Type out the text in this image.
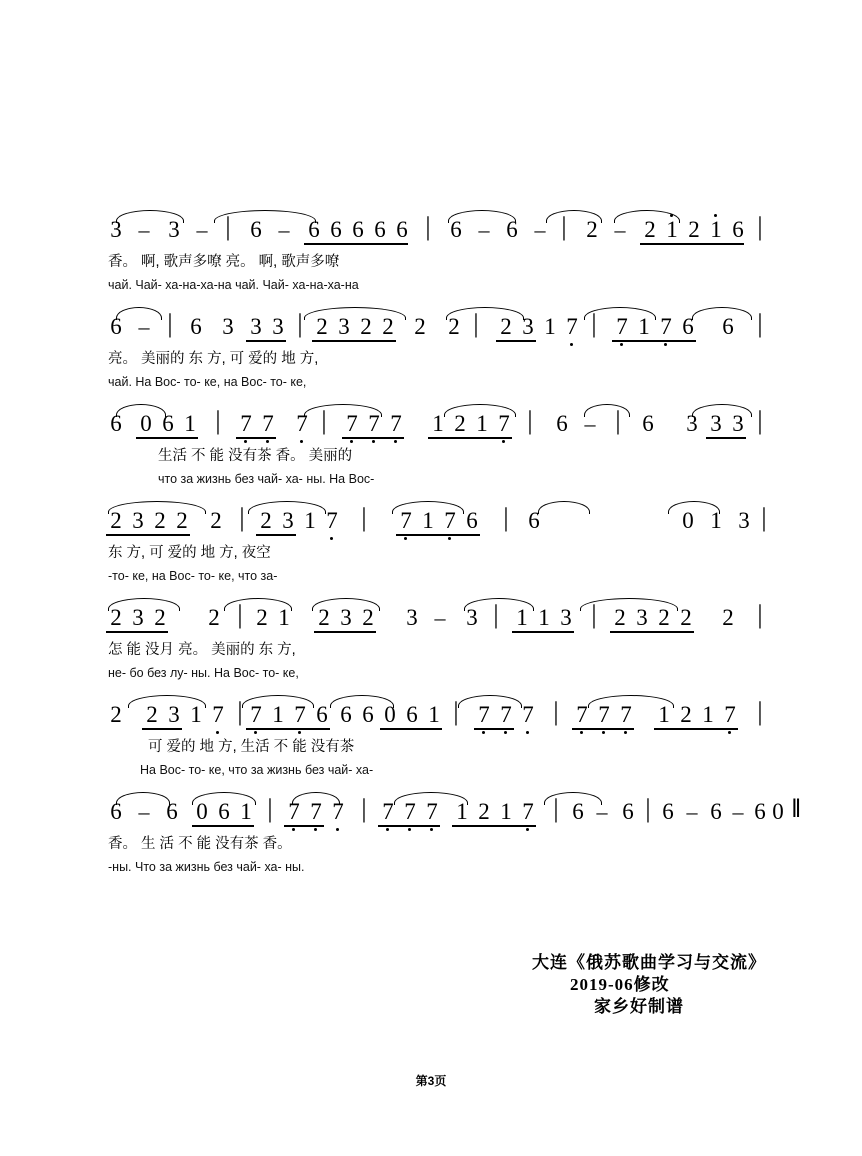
3 – 3 – | 6 – 6 6 6 6 6 | 6 – 6 – | 2 – 2 1 2 1 6 |
香。 啊, 歌声多嘹 亮。 啊, 歌声多嘹
чай. Чай- ха-на-ха-на чай. Чай- ха-на-ха-на
6 – | 6 3 3 3 | 2 3 2 2 2 2 | 2 3 1 7 | 7 1 7 6 6 |
亮。 美丽的 东 方, 可 爱的 地 方,
чай. На Вос- то- ке, на Вос- то- ке,
6 0 6 1 | 7 7 7 | 7 7 7 1 2 1 7 | 6 – | 6 3 3 3 |
生活 不 能 没有茶 香。 美丽的
что за жизнь без чай- ха- ны. На Вос-
2 3 2 2 2 | 2 3 1 7 | 7 1 7 6 | 6	0 1 3 |
东 方, 可 爱的 地 方, 夜空
-то- ке, на Вос- то- ке, что за-
2 3 2 2 | 2 1 2 3 2 3 – 3 | 1 1 3 | 2 3 2 2 2 |
怎 能 没月 亮。 美丽的 东 方,
не- бо без лу- ны. На Вос- то- ке,
2 2 3 1 7 | 7 1 7 6 6 6 0 6 1 | 7 7 7 | 7 7 7 1 2 1 7 |
可 爱的 地 方, 生活 不 能 没有茶
На Вос- то- ке, что за жизнь без чай- ха-
6 – 6 0 6 1 | 7 7 7 | 7 7 7 1 2 1 7 | 6 – 6 | 6 – 6 – 6 0 ‖
香。 生 活 不 能 没有茶 香。
-ны. Что за жизнь без чай- ха- ны.
大连《俄苏歌曲学习与交流》
2019-06修改
家乡好制谱
第3页
